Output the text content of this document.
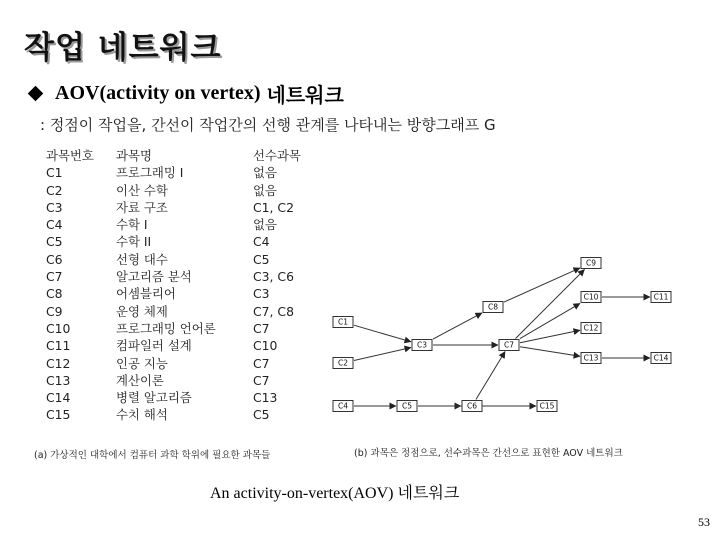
작업 네트워크
AOV(activity on vertex) 네트워크
: 정점이 작업을, 간선이 작업간의 선행 관계를 나타내는 방향그래프 G
과목번호	과목명	선수과목
C1	프로그래밍 I	없음
C2	이산 수학	없음
C3	자료 구조	C1, C2
C4	수학 I	없음
C5	수학 II	C4
C6	선형 대수	C5
C7	알고리즘 분석	C3, C6
C8	어셈블리어	C3
C9	운영 체제	C7, C8
C10	프로그래밍 언어론	C7
C11	컴파일러 설계	C10
C12	인공 지능	C7
C13	계산이론	C7
C14	병렬 알고리즘	C13
C15	수치 해석	C5
(a) 가상적인 대학에서 컴퓨터 과학 학위에 필요한 과목들
C1
C2
C3
C4	C5	C6
C7
C8
C9
C10	C11
C12
C13	C14
C15
(b) 과목은 정점으로, 선수과목은 간선으로 표현한 AOV 네트워크
An activity-on-vertex(AOV) 네트워크
53
